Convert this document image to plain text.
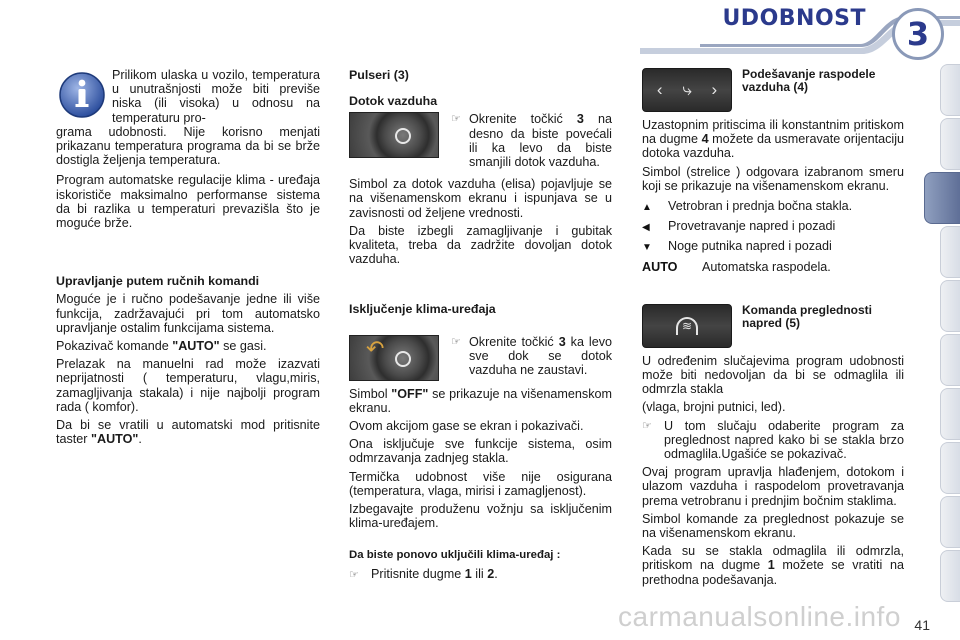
UDOBNOST	3

Prilikom ulaska u vozilo, temperatura u unutrašnjosti može biti previše niska (ili visoka) u odnosu na temperaturu pro-

grama udobnosti. Nije korisno menjati prikazanu temperatura programa da bi se brže dostigla željenja temperatura.

Program automatske regulacije klima - uređaja iskorističe maksimalno performanse sistema da bi razlika u temperaturi prevazišla što je moguće brže.

Upravljanje putem ručnih komandi

Moguće je i ručno podešavanje jedne ili više funkcija, zadržavajući pri tom automatsko upravljanje ostalim funkcijama sistema.

Pokazivač komande "AUTO" se gasi.

Prelazak na manuelni rad može izazvati neprijatnosti ( temperaturu, vlagu,miris, zamagljivanja stakala) i nije najbolji program rada ( komfor).

Da bi se vratili u automatski mod pritisnite taster "AUTO".

Pulseri (3)
Dotok vazduha
☞ Okrenite točkić 3 na desno da biste povećali ili ka levo da biste smanjili dotok vazduha.

Simbol za dotok vazduha (elisa) pojavljuje se na višenamenskom ekranu i ispunjava se u zavisnosti od željene vrednosti.

Da biste izbegli zamagljivanje i gubitak kvaliteta, treba da zadržite dovoljan dotok vazduha.

Isključenje klima-uređaja
↶	☞ Okrenite točkić 3 ka levo sve dok se dotok vazduha ne zaustavi.

Simbol "OFF" se prikazuje na višenamenskom ekranu.

Ovom akcijom gase se ekran i pokazivači.

Ona isključuje sve funkcije sistema, osim odmrzavanja zadnjeg stakla.

Termička udobnost više nije osigurana (temperatura, vlaga, mirisi i zamaglјenost).

Izbegavajte produženu vožnju sa isključenim klima-uređajem.

Da biste ponovo uključili klima-uređaj :
☞ Pritisnite dugme 1 ili 2.
‹ ⤷ ›
Podešavanje raspodele vazduha (4)

Uzastopnim pritiscima ili konstantnim pritiskom na dugme 4 možete da usmeravate orijentaciju dotoka vazduha.

Simbol (strelice ) odgovara izabranom smeru koji se prikazuje na višenamenskom ekranu.

▲	Vetrobran i prednja bočna stakla.
◀	Provetravanje napred i pozadi
▼	Noge putnika napred i pozadi
AUTO	Automatska raspodela.
≋
Komanda preglednosti napred (5)

U određenim slučajevima program udobnosti može biti nedovoljan da bi se odmaglila ili odmrzla stakla

(vlaga, brojni putnici, led).

☞ U tom slučaju odaberite program za preglednost napred kako bi se stakla brzo odmaglila.Ugašiće se pokazivač.

Ovaj program upravlja hlađenjem, dotokom i ulazom vazduha i raspodelom provetravanja prema vetrobranu i prednjim bočnim staklima.

Simbol komande za preglednost pokazuje se na višenamenskom ekranu.

Kada su se stakla odmaglila ili odmrzla, pritiskom na dugme 1 možete se vratiti na prethodna podešavanja.

41
carmanualsonline.info
